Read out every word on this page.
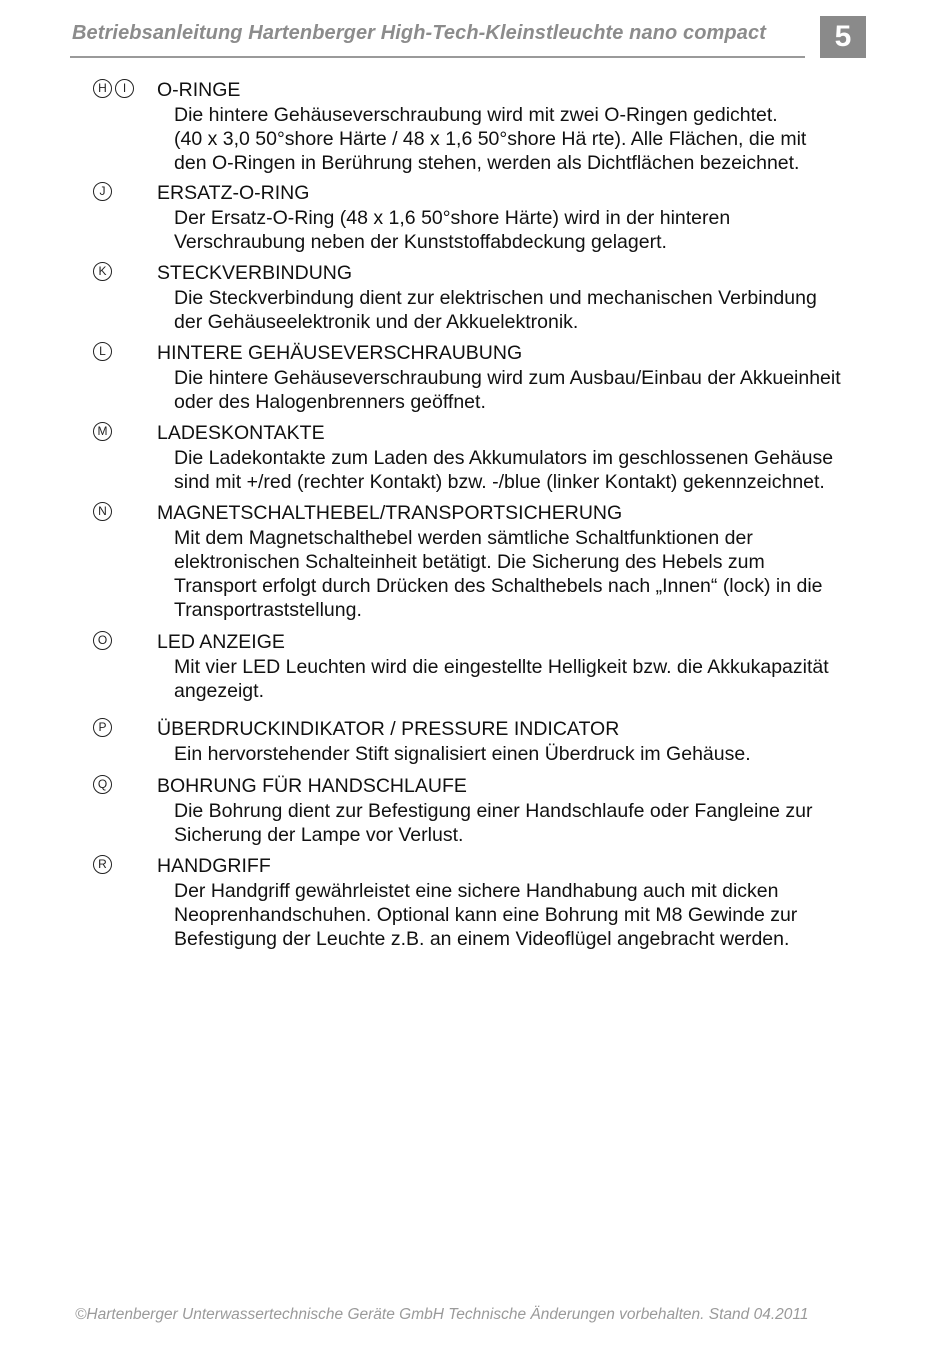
Betriebsanleitung Hartenberger High-Tech-Kleinstleuchte nano compact	5
H	I	O-RINGE
Die hintere Gehäuseverschraubung wird mit zwei O-Ringen gedichtet.
(40 x 3,0 50°shore Härte / 48 x 1,6 50°shore Hä rte). Alle Flächen, die mit
den O-Ringen in Berührung stehen, werden als Dichtflächen bezeichnet.
J	ERSATZ-O-RING
Der Ersatz-O-Ring (48 x 1,6 50°shore Härte) wird in der hinteren
Verschraubung neben der Kunststoffabdeckung gelagert.
K	STECKVERBINDUNG
Die Steckverbindung dient zur elektrischen und mechanischen Verbindung
der Gehäuseelektronik und der Akkuelektronik.
L	HINTERE GEHÄUSEVERSCHRAUBUNG
Die hintere Gehäuseverschraubung wird zum Ausbau/Einbau der Akkueinheit
oder des Halogenbrenners geöffnet.
M	LADESKONTAKTE
Die Ladekontakte zum Laden des Akkumulators im geschlossenen Gehäuse
sind mit +/red (rechter Kontakt) bzw. -/blue (linker Kontakt) gekennzeichnet.
N	MAGNETSCHALTHEBEL/TRANSPORTSICHERUNG
Mit dem Magnetschalthebel werden sämtliche Schaltfunktionen der
elektronischen Schalteinheit betätigt. Die Sicherung des Hebels zum
Transport erfolgt durch Drücken des Schalthebels nach „Innen“ (lock) in die
Transportraststellung.
O	LED ANZEIGE
Mit vier LED Leuchten wird die eingestellte Helligkeit bzw. die Akkukapazität
angezeigt.
P	ÜBERDRUCKINDIKATOR / PRESSURE INDICATOR
Ein hervorstehender Stift signalisiert einen Überdruck im Gehäuse.
Q	BOHRUNG FÜR HANDSCHLAUFE
Die Bohrung dient zur Befestigung einer Handschlaufe oder Fangleine zur
Sicherung der Lampe vor Verlust.
R	HANDGRIFF
Der Handgriff gewährleistet eine sichere Handhabung auch mit dicken
Neoprenhandschuhen. Optional kann eine Bohrung mit M8 Gewinde zur
Befestigung der Leuchte z.B. an einem Videoflügel angebracht werden.
©Hartenberger Unterwassertechnische Geräte GmbH Technische Änderungen vorbehalten. Stand 04.2011
